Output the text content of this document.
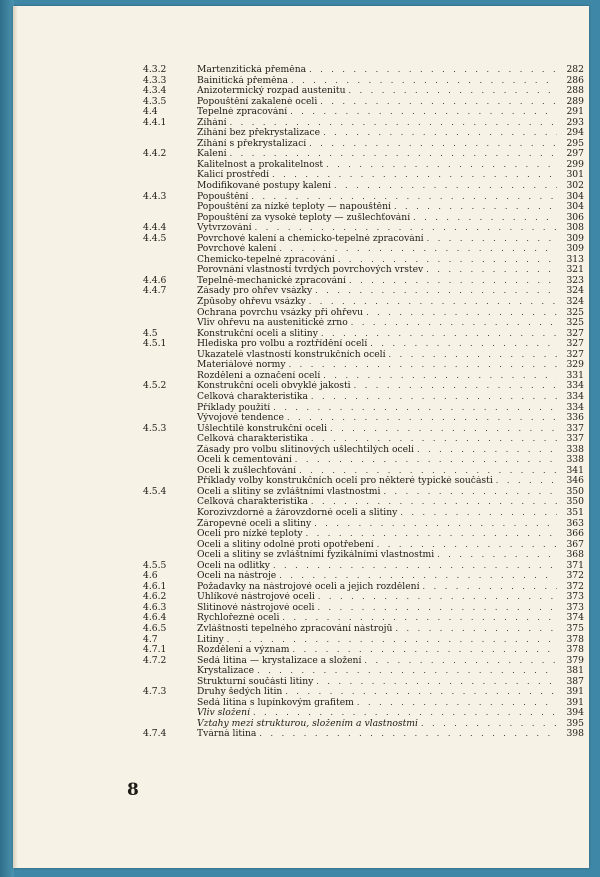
4.3.2	Martenzitická přeměna . . .	282
4.3.3	Bainitická přeměna . . .	286
4.3.4	Anizotermický rozpad austenitu . . .	288
4.3.5	Popouštění zakalené oceli . . .	289
4.4	Tepelné zpracování . . .	291
4.4.1	Žíhání . . .	293
Žíhání bez překrystalizace . . .	294
Žíhání s překrystalizací . . .	295
4.4.2	Kalení . . .	297
Kalitelnost a prokalitelnost . . .	299
Kalicí prostředí . . .	301
Modifikované postupy kalení . . .	302
4.4.3	Popouštění . . .	304
Popouštění za nízké teploty — napouštění . . .	304
Popouštění za vysoké teploty — zušlechťování . . .	306
4.4.4	Vytvrzování . . .	308
4.4.5	Povrchové kalení a chemicko-tepelné zpracování . . .	309
Povrchové kalení . . .	309
Chemicko-tepelné zpracování . . .	313
Porovnání vlastností tvrdých povrchových vrstev . . .	321
4.4.6	Tepelně-mechanické zpracování . . .	323
4.4.7	Zásady pro ohřev vsázky . . .	324
Způsoby ohřevu vsázky . . .	324
Ochrana povrchu vsázky při ohřevu . . .	325
Vliv ohřevu na austenitické zrno . . .	325
4.5	Konstrukční oceli a slitiny . . .	327
4.5.1	Hlediska pro volbu a roztřídění ocelí . . .	327
Ukazatelé vlastností konstrukčních ocelí . . .	327
Materiálové normy . . .	329
Rozdělení a označení ocelí . . .	331
4.5.2	Konstrukční oceli obvyklé jakosti . . .	334
Celková charakteristika . . .	334
Příklady použití . . .	334
Vývojové tendence . . .	336
4.5.3	Ušlechtilé konstrukční oceli . . .	337
Celková charakteristika . . .	337
Zásady pro volbu slitinových ušlechtilých ocelí . . .	338
Oceli k cementování . . .	338
Oceli k zušlechťování . . .	341
Příklady volby konstrukčních ocelí pro některé typické součásti . . .	346
4.5.4	Oceli a slitiny se zvláštními vlastnostmi . . .	350
Celková charakteristika . . .	350
Korozivzdorné a žárovzdorné oceli a slitiny . . .	351
Žáropevné oceli a slitiny . . .	363
Oceli pro nízké teploty . . .	366
Oceli a slitiny odolné proti opotřebení . . .	367
Oceli a slitiny se zvláštními fyzikálními vlastnostmi . . .	368
4.5.5	Oceli na odlitky . . .	371
4.6	Oceli na nástroje . . .	372
4.6.1	Požadavky na nástrojové oceli a jejich rozdělení . . .	372
4.6.2	Uhlíkové nástrojové oceli . . .	373
4.6.3	Slitinové nástrojové oceli . . .	373
4.6.4	Rychlořezné oceli . . .	374
4.6.5	Zvláštnosti tepelného zpracování nástrojů . . .	375
4.7	Litiny . . .	378
4.7.1	Rozdělení a význam . . .	378
4.7.2	Šedá litina — krystalizace a složení . . .	379
Krystalizace . . .	381
Strukturní součásti litiny . . .	387
4.7.3	Druhy šedých litin . . .	391
Šedá litina s lupínkovým grafitem . . .	391
Vliv složení . . .	394
Vztahy mezi strukturou, složením a vlastnostmi . . .	395
4.7.4	Tvárná litina . . .	398
8
